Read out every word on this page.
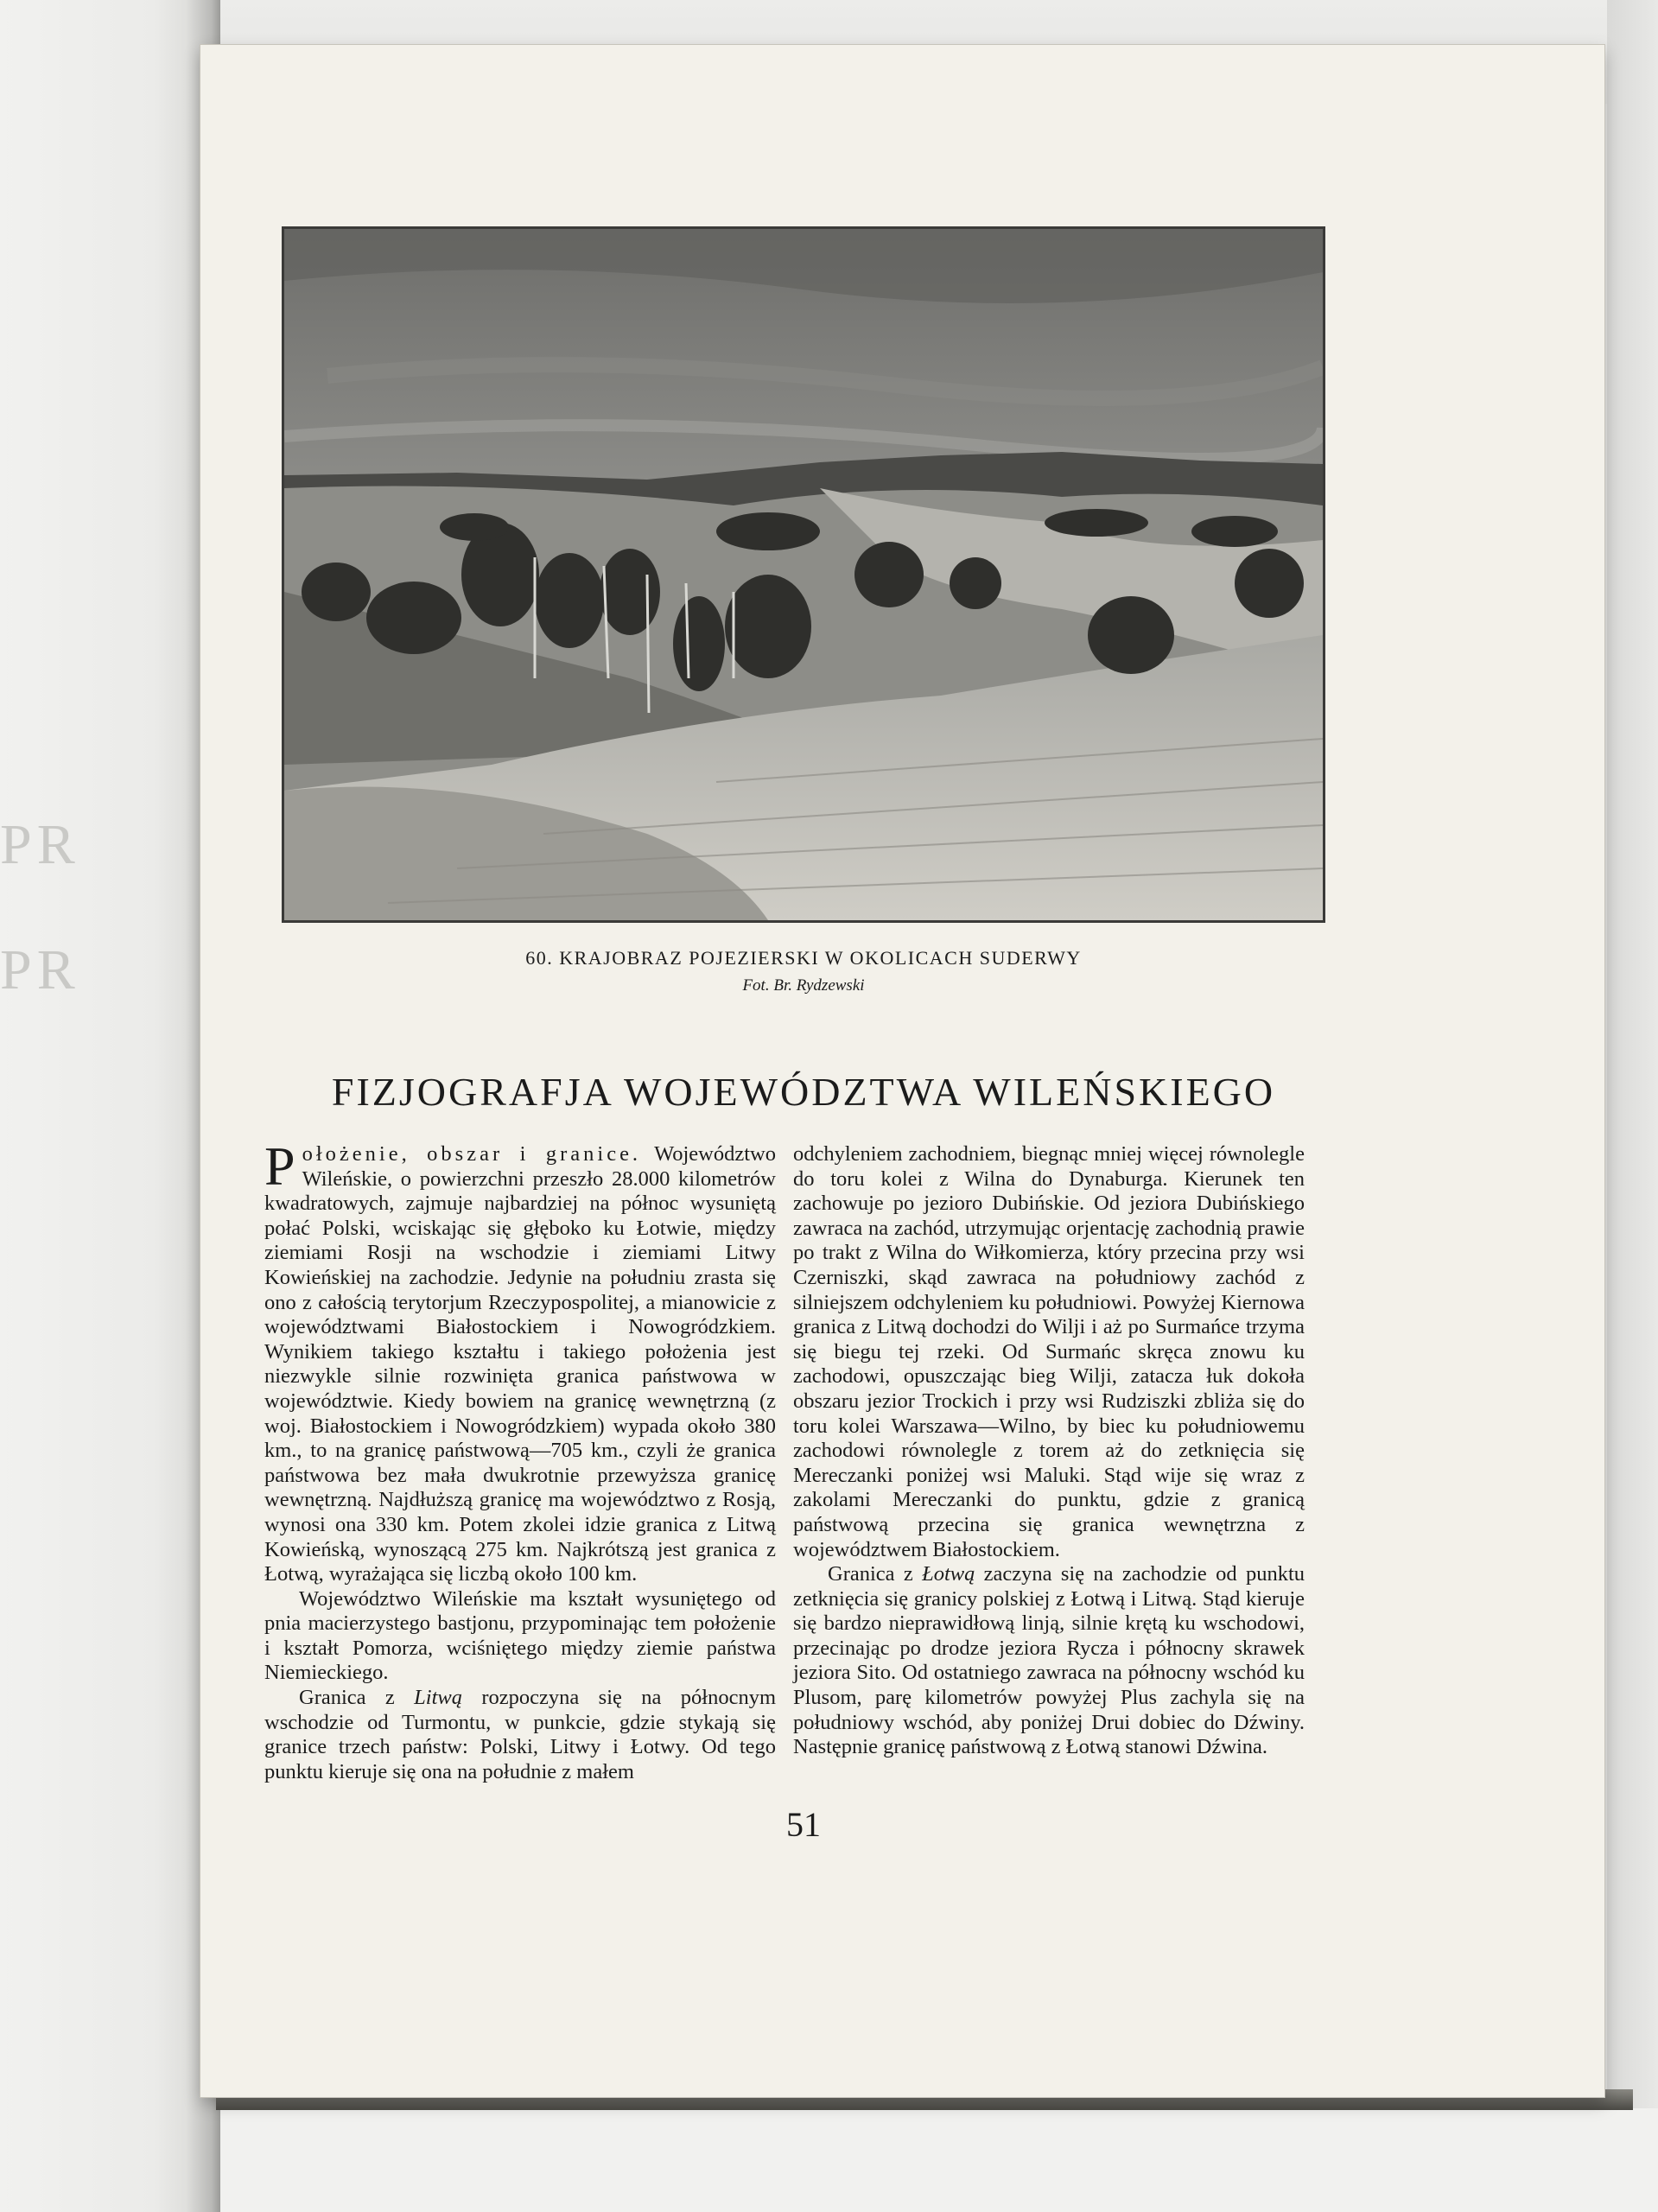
PR
PR	60. KRAJOBRAZ POJEZIERSKI W OKOLICACH SUDERWY
Fot. Br. Rydzewski
FIZJOGRAFJA WOJEWÓDZTWA WILEŃSKIEGO

Położenie, obszar i granice. Województwo Wileńskie, o powierzchni przeszło 28.000 kilometrów kwadratowych, zajmuje najbardziej na północ wysuniętą połać Polski, wciskając się głęboko ku Łotwie, między ziemiami Rosji na wschodzie i ziemiami Litwy Kowieńskiej na zachodzie. Jedynie na południu zrasta się ono z całością terytorjum Rzeczypospolitej, a mianowicie z województwami Białostockiem i Nowogródzkiem. Wynikiem takiego kształtu i takiego położenia jest niezwykle silnie rozwinięta granica państwowa w województwie. Kiedy bowiem na granicę wewnętrzną (z woj. Białostockiem i Nowogródzkiem) wypada około 380 km., to na granicę państwową—705 km., czyli że granica państwowa bez mała dwukrotnie przewyższa granicę wewnętrzną. Najdłuższą granicę ma województwo z Rosją, wynosi ona 330 km. Potem zkolei idzie granica z Litwą Kowieńską, wynoszącą 275 km. Najkrótszą jest granica z Łotwą, wyrażająca się liczbą około 100 km.

Województwo Wileńskie ma kształt wysuniętego od pnia macierzystego bastjonu, przypominając tem położenie i kształt Pomorza, wciśniętego między ziemie państwa Niemieckiego.

Granica z Litwą rozpoczyna się na północnym wschodzie od Turmontu, w punkcie, gdzie stykają się granice trzech państw: Polski, Litwy i Łotwy. Od tego punktu kieruje się ona na południe z małem

odchyleniem zachodniem, biegnąc mniej więcej równolegle do toru kolei z Wilna do Dynaburga. Kierunek ten zachowuje po jezioro Dubińskie. Od jeziora Dubińskiego zawraca na zachód, utrzymując orjentację zachodnią prawie po trakt z Wilna do Wiłkomierza, który przecina przy wsi Czerniszki, skąd zawraca na południowy zachód z silniejszem odchyleniem ku południowi. Powyżej Kiernowa granica z Litwą dochodzi do Wilji i aż po Surmańce trzyma się biegu tej rzeki. Od Surmańc skręca znowu ku zachodowi, opuszczając bieg Wilji, zatacza łuk dokoła obszaru jezior Trockich i przy wsi Rudziszki zbliża się do toru kolei Warszawa—Wilno, by biec ku południowemu zachodowi równolegle z torem aż do zetknięcia się Mereczanki poniżej wsi Maluki. Stąd wije się wraz z zakolami Mereczanki do punktu, gdzie z granicą państwową przecina się granica wewnętrzna z województwem Białostockiem.

Granica z Łotwą zaczyna się na zachodzie od punktu zetknięcia się granicy polskiej z Łotwą i Litwą. Stąd kieruje się bardzo nieprawidłową linją, silnie krętą ku wschodowi, przecinając po drodze jeziora Rycza i północny skrawek jeziora Sito. Od ostatniego zawraca na północny wschód ku Plusom, parę kilometrów powyżej Plus zachyla się na południowy wschód, aby poniżej Drui dobiec do Dźwiny. Następnie granicę państwową z Łotwą stanowi Dźwina.

51
